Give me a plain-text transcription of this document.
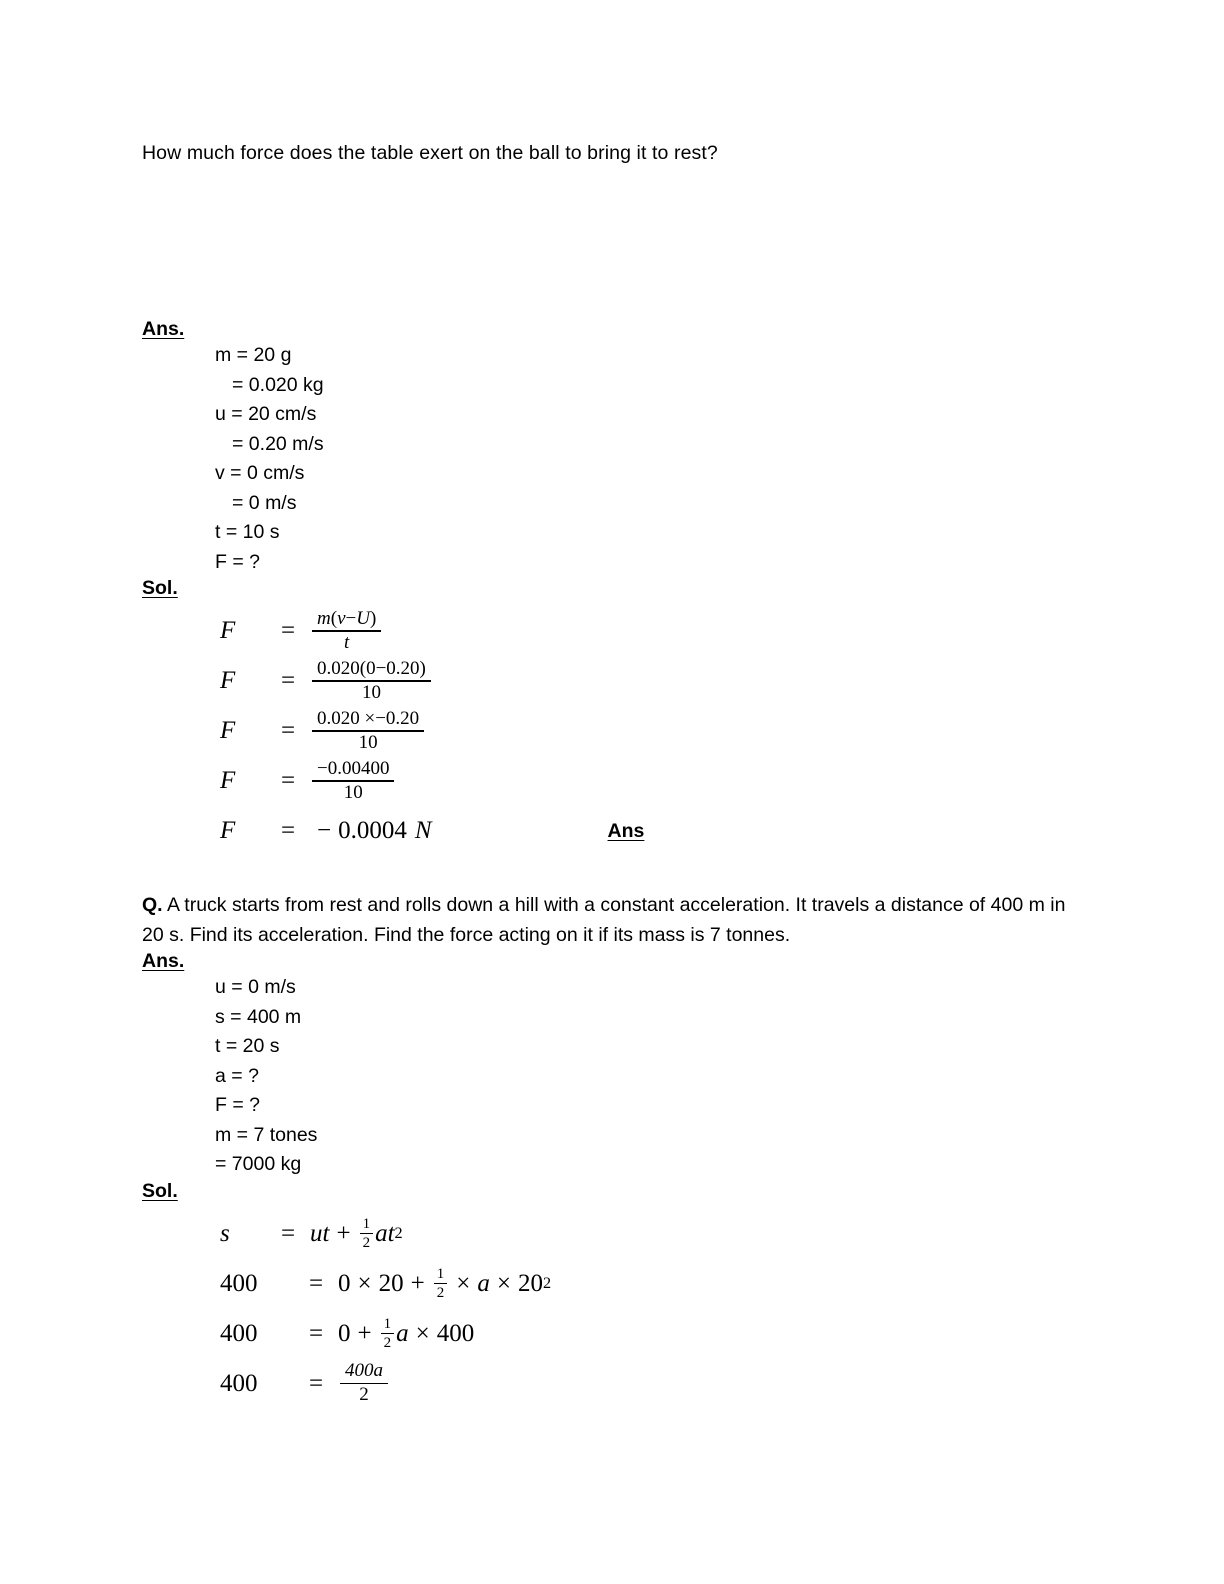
How much force does the table exert on the ball to bring it to rest?
Ans.
m = 20 g
= 0.020 kg
u = 20 cm/s
= 0.20 m/s
v = 0 cm/s
= 0 m/s
t = 10 s
F = ?
Sol.
F	= $\frac{m(v-U)}{t}$
F	= $\frac{0.020(0-0.20)}{10}$
F	= $\frac{0.020 \times-0.20}{10}$
F	= $\frac{-0.00400}{10}$
F	= − 0.0004 N	Ans
Q. A truck starts from rest and rolls down a hill with a constant acceleration. It travels a distance of 400 m in 20 s. Find its acceleration. Find the force acting on it if its mass is 7 tonnes.
Ans.
u = 0 m/s
s = 400 m
t = 20 s
a = ?
F = ?
m = 7 tones
= 7000 kg
Sol.
s	= ut + $\frac{1}{2}$ at 2
400	= $0 \times 20 + \frac{1}{2} \times a \times 20$ 2
400	= $0 + \frac{1}{2}$ a × 400
400	= $\frac{400a}{2}$
